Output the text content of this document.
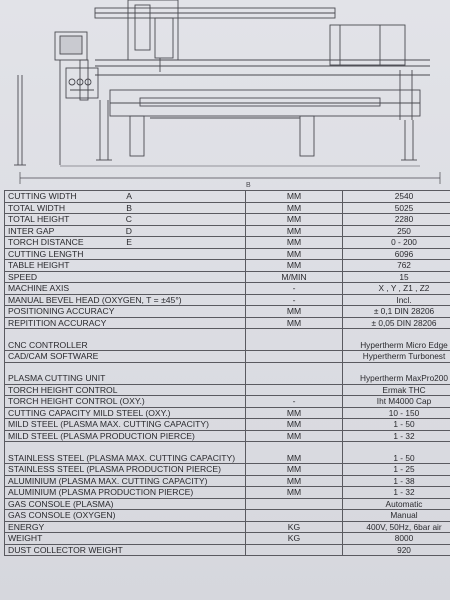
B
CUTTING WIDTH A	MM	2540

TOTAL WIDTH B	MM	5025

TOTAL HEIGHT C	MM	2280

INTER GAP D	MM	250

TORCH DISTANCE E	MM	0 - 200

CUTTING LENGTH	MM	6096

TABLE HEIGHT	MM	762

SPEED	M/MIN	15

MACHINE AXIS	-	X , Y , Z1 , Z2

MANUAL BEVEL HEAD (OXYGEN, T = ±45°)	-	Incl.

POSITIONING ACCURACY	MM	± 0,1 DIN 28206

REPITITION ACCURACY	MM	± 0,05 DIN 28206

CNC CONTROLLER		Hypertherm Micro Edge

CAD/CAM SOFTWARE		Hypertherm Turbonest

PLASMA CUTTING UNIT		Hypertherm MaxPro200

TORCH HEIGHT CONTROL		Ermak THC

TORCH HEIGHT CONTROL (OXY.)	-	Iht M4000 Cap

CUTTING CAPACITY MILD STEEL (OXY.)	MM	10 - 150

MILD STEEL (PLASMA MAX. CUTTING CAPACITY)	MM	1 - 50

MILD STEEL (PLASMA PRODUCTION PIERCE)	MM	1 - 32

STAINLESS STEEL (PLASMA MAX. CUTTING CAPACITY)	MM	1 - 50

STAINLESS STEEL (PLASMA PRODUCTION PIERCE)	MM	1 - 25

ALUMINIUM (PLASMA MAX. CUTTING CAPACITY)	MM	1 - 38

ALUMINIUM (PLASMA PRODUCTION PIERCE)	MM	1 - 32

GAS CONSOLE (PLASMA)		Automatic

GAS CONSOLE (OXYGEN)		Manual

ENERGY	KG	400V, 50Hz, 6bar air

WEIGHT	KG	8000

DUST COLLECTOR WEIGHT		920
